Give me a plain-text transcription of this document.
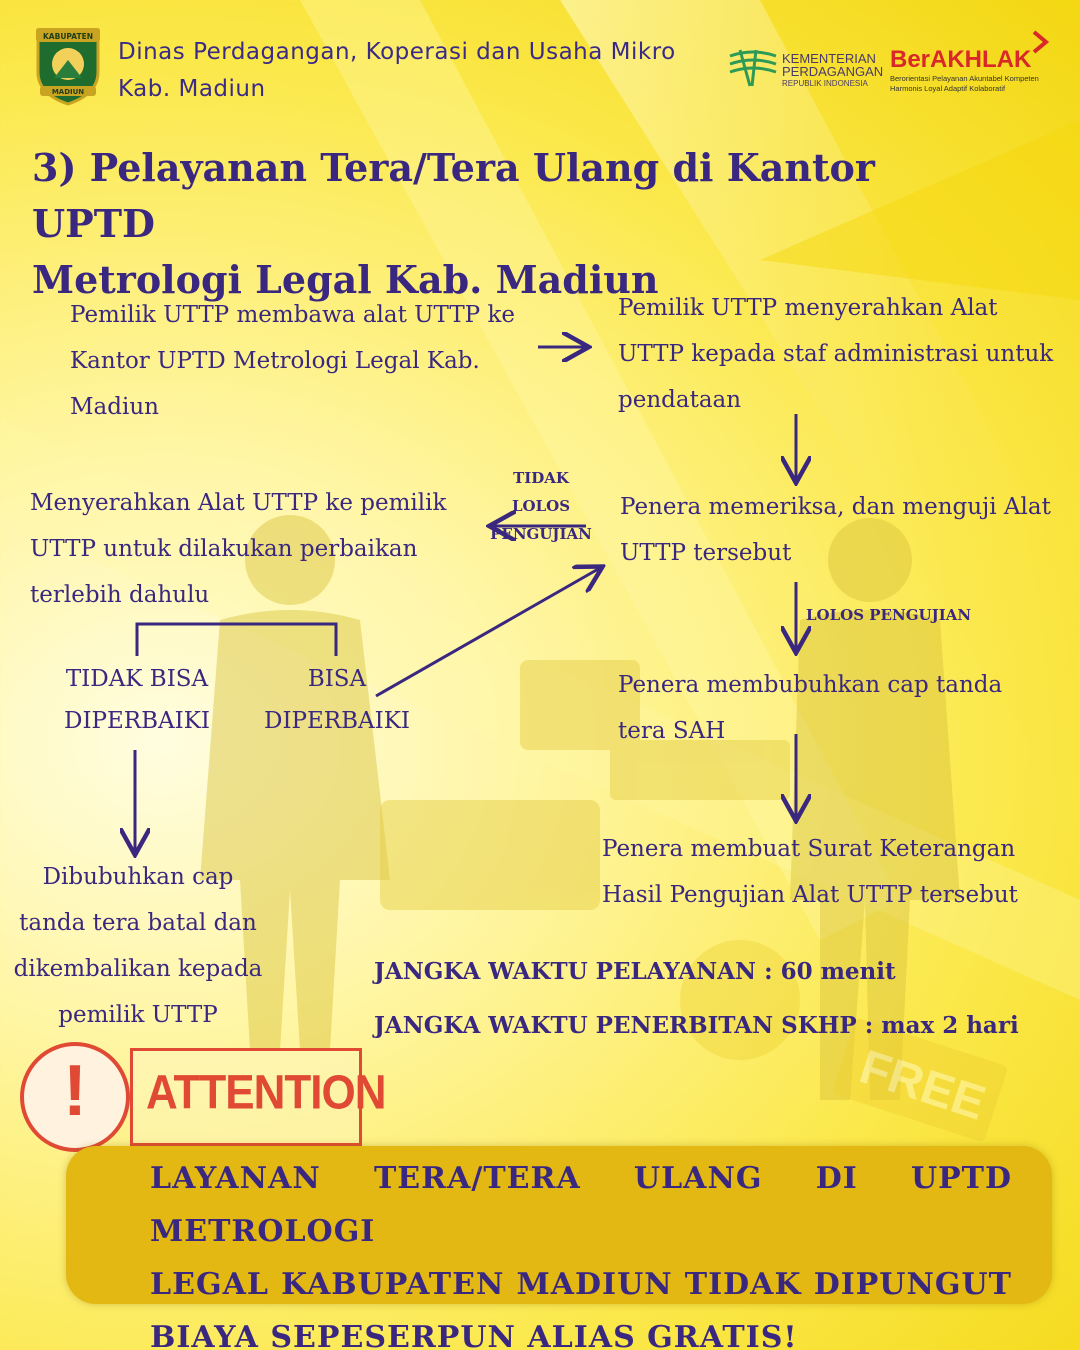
FREE
KABUPATEN
MADIUN
Dinas Perdagangan, Koperasi dan Usaha Mikro
Kab. Madiun
KEMENTERIAN
PERDAGANGAN
REPUBLIK INDONESIA
BerAKHLAK
Berorientasi Pelayanan Akuntabel Kompeten
Harmonis Loyal Adaptif Kolaboratif
3) Pelayanan Tera/Tera Ulang di Kantor UPTD
Metrologi Legal Kab. Madiun
Pemilik UTTP membawa alat UTTP ke
Kantor UPTD Metrologi Legal Kab.
Madiun
Pemilik UTTP menyerahkan Alat
UTTP kepada staf administrasi untuk
pendataan
Penera memeriksa, dan menguji Alat
UTTP tersebut
TIDAK LOLOS
PENGUJIAN
Menyerahkan Alat UTTP ke pemilik
UTTP untuk dilakukan perbaikan
terlebih dahulu
TIDAK BISA
DIPERBAIKI
BISA
DIPERBAIKI
Dibubuhkan cap
tanda tera batal dan
dikembalikan kepada
pemilik UTTP
LOLOS PENGUJIAN
Penera membubuhkan cap tanda
tera SAH
Penera membuat Surat Keterangan
Hasil Pengujian Alat UTTP tersebut
JANGKA WAKTU PELAYANAN : 60 menit
JANGKA WAKTU PENERBITAN SKHP : max 2 hari
ATTENTION
!
LAYANAN TERA/TERA ULANG DI UPTD METROLOGI
LEGAL KABUPATEN MADIUN TIDAK DIPUNGUT
BIAYA SEPESERPUN ALIAS GRATIS!
